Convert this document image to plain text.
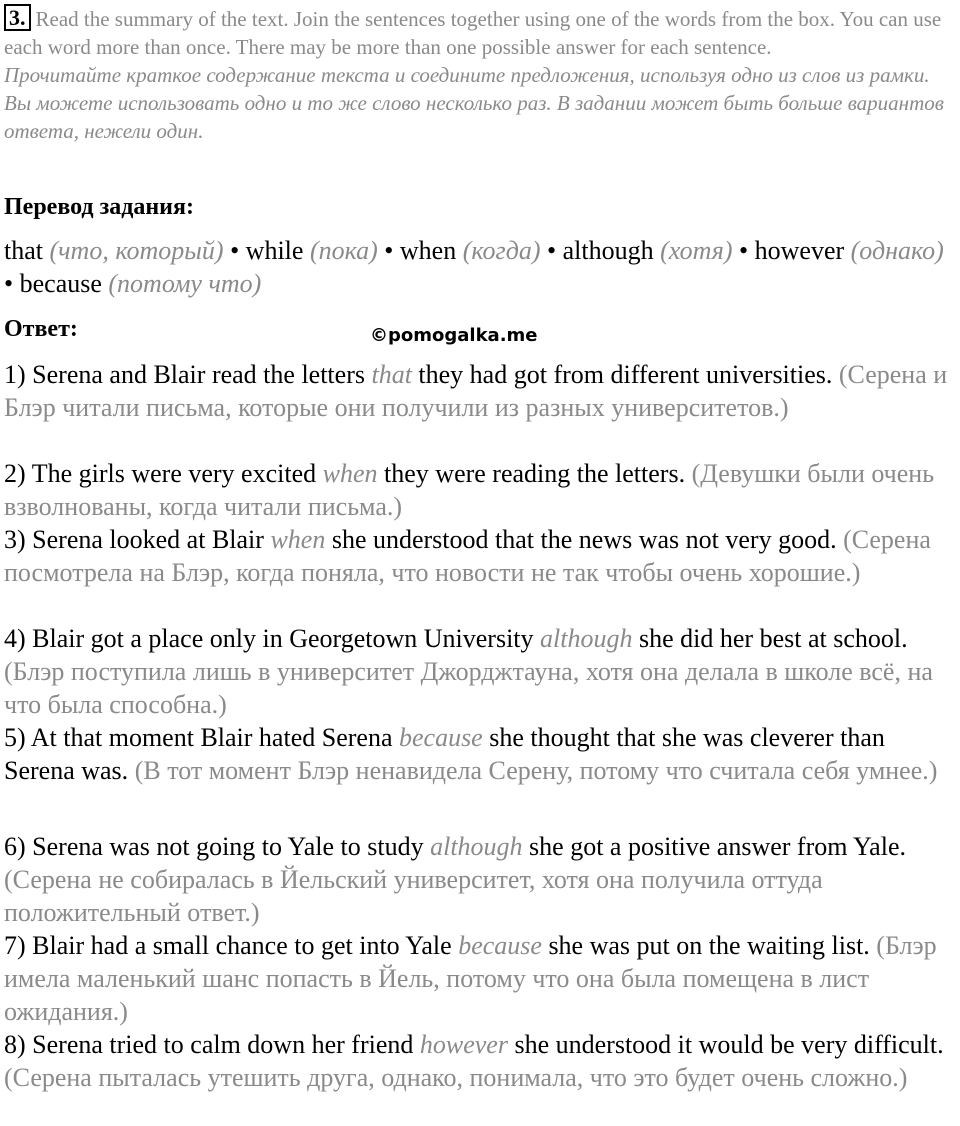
3. Read the summary of the text. Join the sentences together using one of the words from the box. You can use each word more than once. There may be more than one possible answer for each sentence.
Прочитайте краткое содержание текста и соедините предложения, используя одно из слов из рамки. Вы можете использовать одно и то же слово несколько раз. В задании может быть больше вариантов ответа, нежели один.
Перевод задания:
that (что, который) • while (пока) • when (когда) • although (хотя) • however (однако) • because (потому что)
Ответ:	©pomogalka.me
1) Serena and Blair read the letters that they had got from different universities. (Серена и Блэр читали письма, которые они получили из разных университетов.)
2) The girls were very excited when they were reading the letters. (Девушки были очень взволнованы, когда читали письма.)
3) Serena looked at Blair when she understood that the news was not very good. (Серена посмотрела на Блэр, когда поняла, что новости не так чтобы очень хорошие.)
4) Blair got a place only in Georgetown University although she did her best at school. (Блэр поступила лишь в университет Джорджтауна, хотя она делала в школе всё, на что была способна.)
5) At that moment Blair hated Serena because she thought that she was cleverer than Serena was. (В тот момент Блэр ненавидела Серену, потому что считала себя умнее.)
6) Serena was not going to Yale to study although she got a positive answer from Yale. (Серена не собиралась в Йельский университет, хотя она получила оттуда положительный ответ.)
7) Blair had a small chance to get into Yale because she was put on the waiting list. (Блэр имела маленький шанс попасть в Йель, потому что она была помещена в лист ожидания.)
8) Serena tried to calm down her friend however she understood it would be very difficult. (Серена пыталась утешить друга, однако, понимала, что это будет очень сложно.)
